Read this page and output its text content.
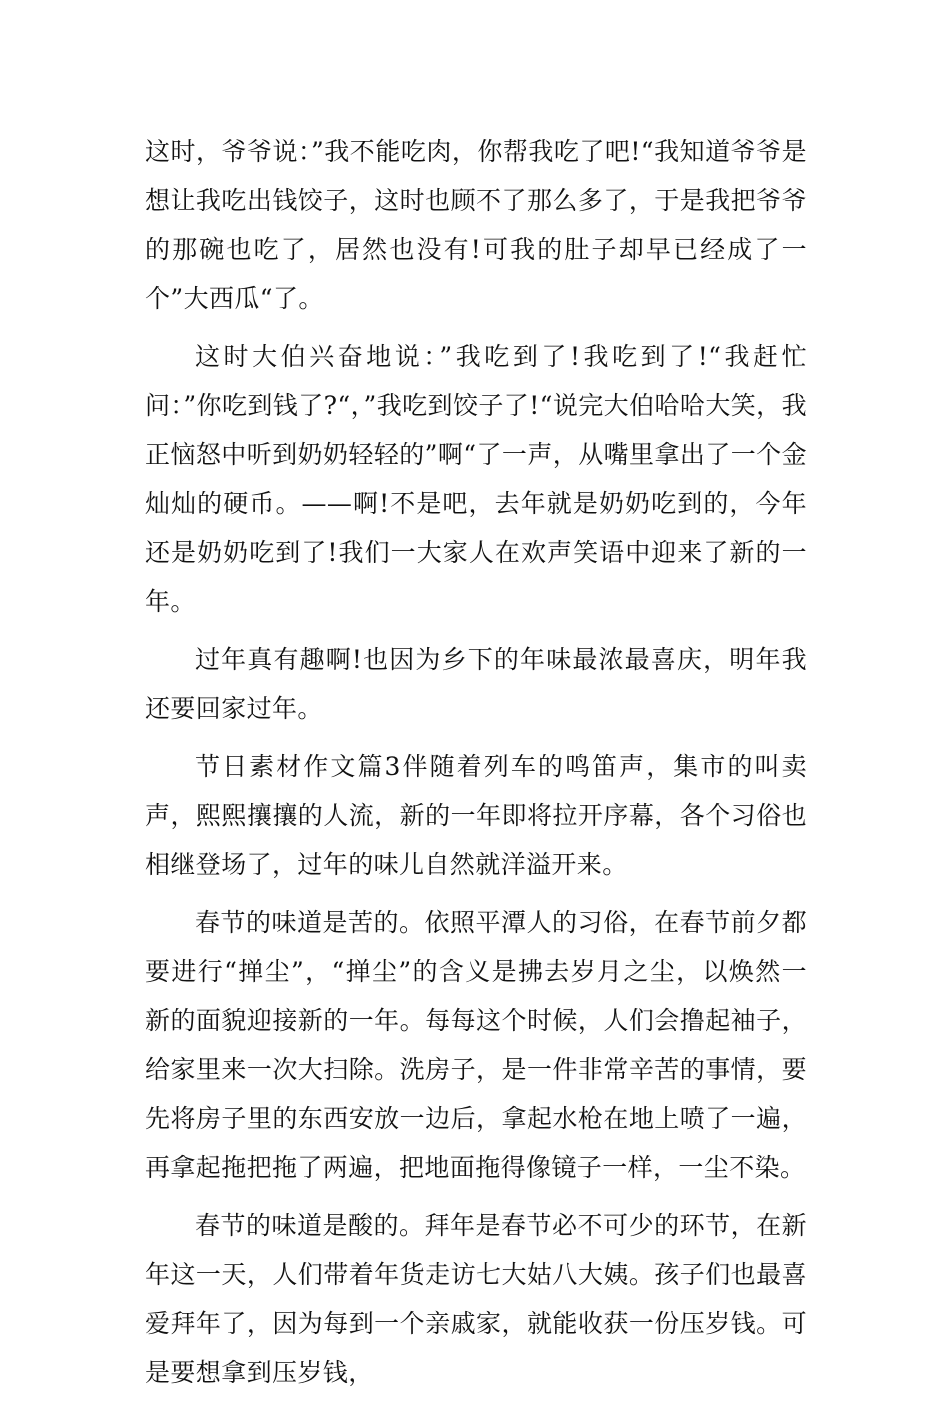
这时，爷爷说：”我不能吃肉，你帮我吃了吧!“我知道爷爷是想让我吃出钱饺子，这时也顾不了那么多了，于是我把爷爷的那碗也吃了，居然也没有!可我的肚子却早已经成了一个”大西瓜“了。

这时大伯兴奋地说：”我吃到了!我吃到了!“我赶忙问：”你吃到钱了?“，”我吃到饺子了!“说完大伯哈哈大笑，我正恼怒中听到奶奶轻轻的”啊“了一声，从嘴里拿出了一个金灿灿的硬币。——啊!不是吧，去年就是奶奶吃到的，今年还是奶奶吃到了!我们一大家人在欢声笑语中迎来了新的一年。

过年真有趣啊!也因为乡下的年味最浓最喜庆，明年我还要回家过年。

节日素材作文篇3伴随着列车的鸣笛声，集市的叫卖声，熙熙攘攘的人流，新的一年即将拉开序幕，各个习俗也相继登场了，过年的味儿自然就洋溢开来。

春节的味道是苦的。依照平潭人的习俗，在春节前夕都要进行“掸尘”，“掸尘”的含义是拂去岁月之尘，以焕然一新的面貌迎接新的一年。每每这个时候，人们会撸起袖子，给家里来一次大扫除。洗房子，是一件非常辛苦的事情，要先将房子里的东西安放一边后，拿起水枪在地上喷了一遍，再拿起拖把拖了两遍，把地面拖得像镜子一样，一尘不染。

春节的味道是酸的。拜年是春节必不可少的环节，在新年这一天，人们带着年货走访七大姑八大姨。孩子们也最喜爱拜年了，因为每到一个亲戚家，就能收获一份压岁钱。可是要想拿到压岁钱，
